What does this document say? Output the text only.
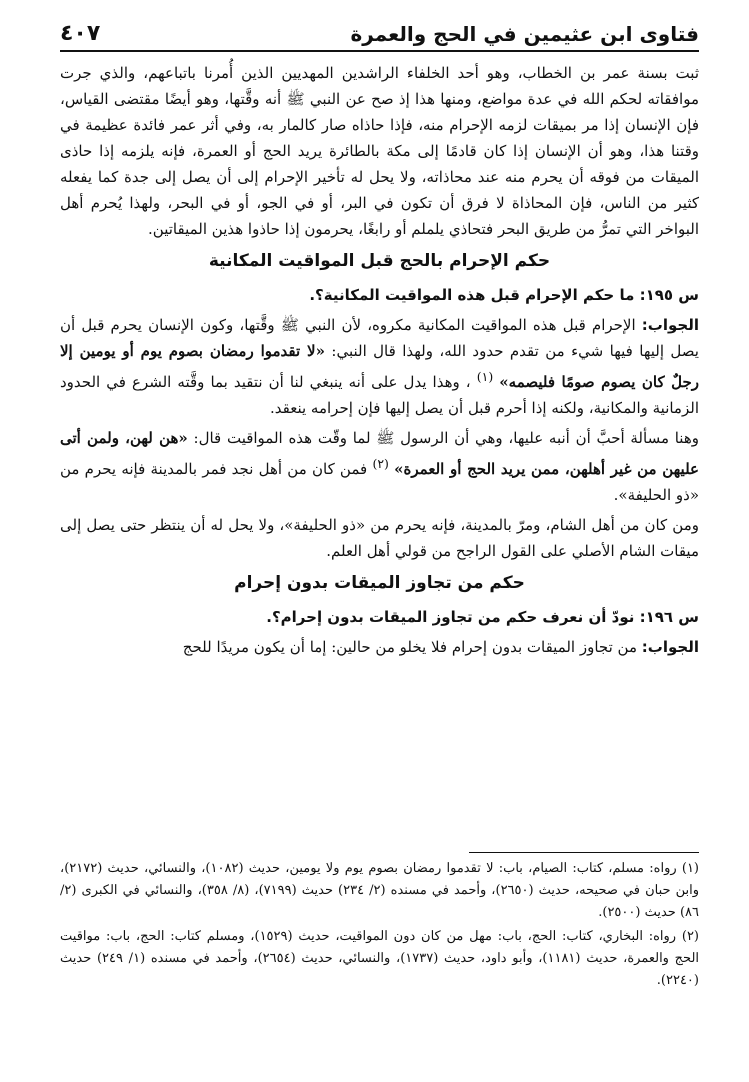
فتاوى ابن عثيمين في الحج والعمرة
٤٠٧

ثبت بسنة عمر بن الخطاب، وهو أحد الخلفاء الراشدين المهديين الذين أُمرنا باتباعهم، والذي جرت موافقاته لحكم الله في عدة مواضع، ومنها هذا إذ صح عن النبي ﷺ أنه وقَّتها، وهو أيضًا مقتضى القياس، فإن الإنسان إذا مر بميقات لزمه الإحرام منه، فإذا حاذاه صار كالمار به، وفي أثر عمر فائدة عظيمة في وقتنا هذا، وهو أن الإنسان إذا كان قادمًا إلى مكة بالطائرة يريد الحج أو العمرة، فإنه يلزمه إذا حاذى الميقات من فوقه أن يحرم منه عند محاذاته، ولا يحل له تأخير الإحرام إلى أن يصل إلى جدة كما يفعله كثير من الناس، فإن المحاذاة لا فرق أن تكون في البر، أو في الجو، أو في البحر، ولهذا يُحرم أهل البواخر التي تمرُّ من طريق البحر فتحاذي يلملم أو رابغًا، يحرمون إذا حاذوا هذين الميقاتين.

حكم الإحرام بالحج قبل المواقيت المكانية

س ١٩٥: ما حكم الإحرام قبل هذه المواقيت المكانية؟.

الجواب: الإحرام قبل هذه المواقيت المكانية مكروه، لأن النبي ﷺ وقَّتها، وكون الإنسان يحرم قبل أن يصل إليها فيها شيء من تقدم حدود الله، ولهذا قال النبي: «لا تقدموا رمضان بصوم يوم أو يومين إلا رجلٌ كان يصوم صومًا فليصمه» $^{(١)}$ ، وهذا يدل على أنه ينبغي لنا أن نتقيد بما وقَّته الشرع في الحدود الزمانية والمكانية، ولكنه إذا أحرم قبل أن يصل إليها فإن إحرامه ينعقد.

وهنا مسألة أحبَّ أن أنبه عليها، وهي أن الرسول ﷺ لما وقّت هذه المواقيت قال: «هن لهن، ولمن أتى عليهن من غير أهلهن، ممن يريد الحج أو العمرة» $^{(٢)}$ فمن كان من أهل نجد فمر بالمدينة فإنه يحرم من «ذو الحليفة».

ومن كان من أهل الشام، ومرّ بالمدينة، فإنه يحرم من «ذو الحليفة»، ولا يحل له أن ينتظر حتى يصل إلى ميقات الشام الأصلي على القول الراجح من قولي أهل العلم.

حكم من تجاوز الميقات بدون إحرام

س ١٩٦: نودّ أن نعرف حكم من تجاوز الميقات بدون إحرام؟.

الجواب: من تجاوز الميقات بدون إحرام فلا يخلو من حالين: إما أن يكون مريدًا للحج

(١) رواه: مسلم، كتاب: الصيام، باب: لا تقدموا رمضان بصوم يوم ولا يومين، حديث (١٠٨٢)، والنسائي، حديث (٢١٧٢)، وابن حبان في صحيحه، حديث (٢٦٥٠)، وأحمد في مسنده (٢/ ٢٣٤) حديث (٧١٩٩)، (٨/ ٣٥٨)، والنسائي في الكبرى (٢/ ٨٦) حديث (٢٥٠٠).

(٢) رواه: البخاري، كتاب: الحج، باب: مهل من كان دون المواقيت، حديث (١٥٢٩)، ومسلم كتاب: الحج، باب: مواقيت الحج والعمرة، حديث (١١٨١)، وأبو داود، حديث (١٧٣٧)، والنسائي، حديث (٢٦٥٤)، وأحمد في مسنده (١/ ٢٤٩) حديث (٢٢٤٠).
